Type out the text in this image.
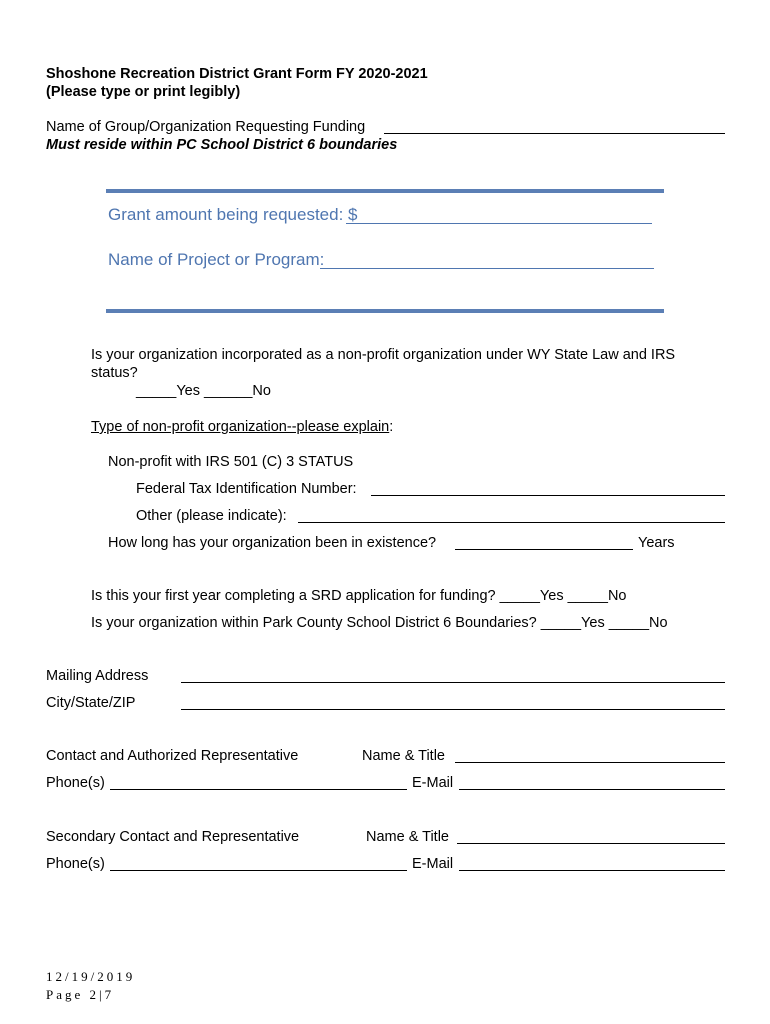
Shoshone Recreation District Grant Form FY 2020-2021
(Please type or print legibly)
Name of Group/Organization Requesting Funding
Must reside within PC School District 6 boundaries
Grant amount being requested: $
Name of Project or Program:
Is your organization incorporated as a non-profit organization under WY State Law and IRS
status?
_____Yes ______No
Type of non-profit organization--please explain:
Non-profit with IRS 501 (C) 3 STATUS
Federal Tax Identification Number:
Other (please indicate):
How long has your organization been in existence?	Years
Is this your first year completing a SRD application for funding? _____Yes _____No
Is your organization within Park County School District 6 Boundaries? _____Yes _____No
Mailing Address
City/State/ZIP
Contact and Authorized Representative	Name & Title
Phone(s)	E-Mail
Secondary Contact and Representative	Name & Title
Phone(s)	E-Mail
12/19/2019
Page 2|7
